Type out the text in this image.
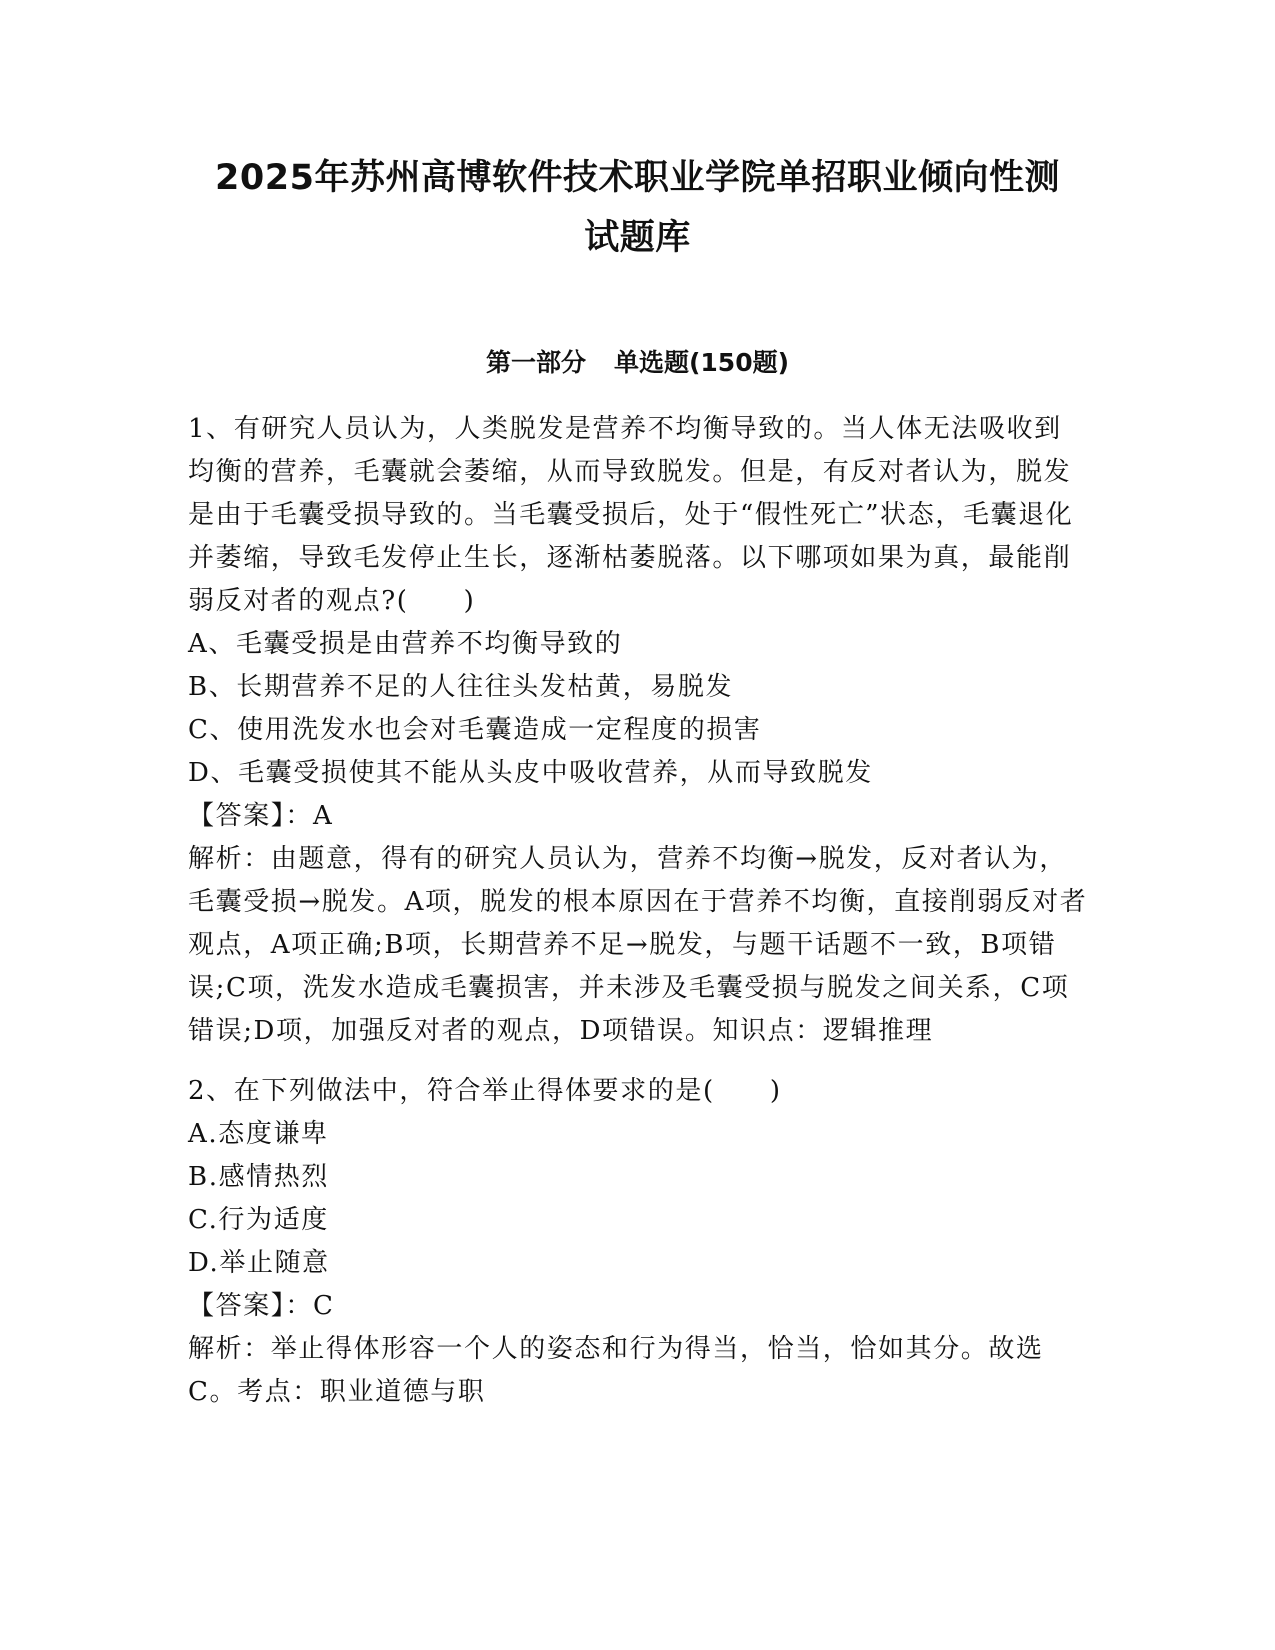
2025年苏州高博软件技术职业学院单招职业倾向性测
试题库
第一部分 单选题(150题)

1、有研究人员认为，人类脱发是营养不均衡导致的。当人体无法吸收到均衡的营养，毛囊就会萎缩，从而导致脱发。但是，有反对者认为，脱发是由于毛囊受损导致的。当毛囊受损后，处于“假性死亡”状态，毛囊退化并萎缩，导致毛发停止生长，逐渐枯萎脱落。以下哪项如果为真，最能削弱反对者的观点?(　　)

A、毛囊受损是由营养不均衡导致的

B、长期营养不足的人往往头发枯黄，易脱发

C、使用洗发水也会对毛囊造成一定程度的损害

D、毛囊受损使其不能从头皮中吸收营养，从而导致脱发

【答案】：A

解析：由题意，得有的研究人员认为，营养不均衡→脱发，反对者认为，毛囊受损→脱发。A项，脱发的根本原因在于营养不均衡，直接削弱反对者观点，A项正确;B项，长期营养不足→脱发，与题干话题不一致，B项错误;C项，洗发水造成毛囊损害，并未涉及毛囊受损与脱发之间关系，C项错误;D项，加强反对者的观点，D项错误。知识点：逻辑推理

2、在下列做法中，符合举止得体要求的是(　　)

A.态度谦卑

B.感情热烈

C.行为适度

D.举止随意

【答案】：C

解析：举止得体形容一个人的姿态和行为得当，恰当，恰如其分。故选C。考点：职业道德与职
